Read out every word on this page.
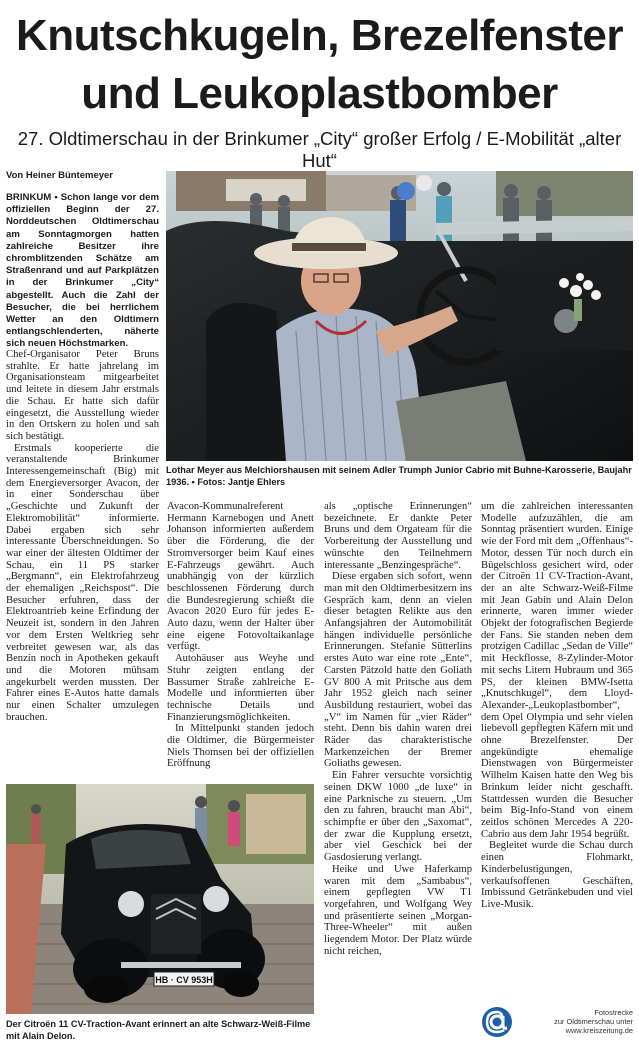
Knutschkugeln, Brezelfenster
und Leukoplastbomber
27. Oldtimerschau in der Brinkumer „City“ großer Erfolg / E-Mobilität „alter Hut“
Von Heiner Büntemeyer
BRINKUM • Schon lange vor dem offiziellen Beginn der 27. Norddeutschen Oldtimerschau am Sonntagmorgen hatten zahlreiche Besitzer ihre chromblitzenden Schätze am Straßenrand und auf Parkplätzen in der Brinkumer „City“ abgestellt. Auch die Zahl der Besucher, die bei herrlichem Wetter an den Oldtimern entlangschlenderten, näherte sich neuen Höchstmarken.
Lothar Meyer aus Melchiorshausen mit seinem Adler Trumph Junior Cabrio mit Buhne-Karosserie, Baujahr 1936. • Fotos: Jantje Ehlers

Chef-Organisator Peter Bruns strahlte. Er hatte jahrelang im Organisationsteam mitgearbeitet und leitete in diesem Jahr erstmals die Schau. Er hatte sich dafür eingesetzt, die Ausstellung wieder in den Ortskern zu holen und sah sich bestätigt.

Erstmals kooperierte die veranstaltende Brinkumer Interessengemeinschaft (Big) mit dem Energieversorger Avacon, der in einer Sonderschau über „Geschichte und Zukunft der Elektromobilität“ informierte. Dabei ergaben sich sehr interessante Überschneidungen. So war einer der ältesten Oldtimer der Schau, ein 11 PS starker „Bergmann“, ein Elektrofahrzeug der ehemaligen „Reichspost“. Die Besucher erfuhren, dass der Elektroantrieb keine Erfindung der Neuzeit ist, sondern in den Jahren vor dem Ersten Weltkrieg sehr verbreitet gewesen war, als das Benzin noch in Apotheken gekauft und die Motoren mühsam angekurbelt werden mussten. Der Fahrer eines E-Autos hatte damals nur einen Schalter umzulegen brauchen.

Avacon-Kommunalreferent Hermann Karnebogen und Anett Johanson informierten außerdem über die Förderung, die der Stromversorger beim Kauf eines E-Fahrzeugs gewährt. Auch unabhängig von der kürzlich beschlossenen Förderung durch die Bundesregierung schießt die Avacon 2020 Euro für jedes E-Auto dazu, wenn der Halter über eine eigene Fotovoltaikanlage verfügt.

Autohäuser aus Weyhe und Stuhr zeigten entlang der Bassumer Straße zahlreiche E-Modelle und informierten über technische Details und Finanzierungsmöglichkeiten.

In Mittelpunkt standen jedoch die Oldtimer, die Bürgermeister Niels Thomsen bei der offiziellen Eröffnung

als „optische Erinnerungen“ bezeichnete. Er dankte Peter Bruns und dem Orgateam für die Vorbereitung der Ausstellung und wünschte den Teilnehmern interessante „Benzingespräche“.

Diese ergaben sich sofort, wenn man mit den Oldtimerbesitzern ins Gespräch kam, denn an vielen dieser betagten Relikte aus den Anfangsjahren der Automobilität hängen individuelle persönliche Erinnerungen. Stefanie Sütterlins erstes Auto war eine rote „Ente“, Carsten Pätzold hatte den Goliath GV 800 A mit Pritsche aus dem Jahr 1952 gleich nach seiner Ausbildung restauriert, wobei das „V“ im Namen für „vier Räder“ steht. Denn bis dahin waren drei Räder das charakteristische Markenzeichen der Bremer Goliaths gewesen.

Ein Fahrer versuchte vorsichtig seinen DKW 1000 „de luxe“ in eine Parknische zu steuern. „Um den zu fahren, braucht man Abi“, schimpfte er über den „Saxomat“, der zwar die Kupplung ersetzt, aber viel Geschick bei der Gasdosierung verlangt.

Heike und Uwe Haferkamp waren mit dem „Sambabus“, einem gepflegten VW T1 vorgefahren, und Wolfgang Wey und präsentierte seinen „Morgan-Three-Wheeler“ mit außen liegendem Motor. Der Platz würde nicht reichen,

um die zahlreichen interessanten Modelle aufzuzählen, die am Sonntag präsentiert wurden. Einige wie der Ford mit dem „Offenhaus“-Motor, dessen Tür noch durch ein Bügelschloss gesichert wird, oder der Citroën 11 CV-Traction-Avant, der an alte Schwarz-Weiß-Filme mit Jean Gabin und Alain Delon erinnerte, waren immer wieder Objekt der fotografischen Begierde der Fans. Sie standen neben dem protzigen Cadillac „Sedan de Ville“ mit Heckflosse, 8-Zylinder-Motor mit sechs Litern Hubraum und 365 PS, der kleinen BMW-Isetta „Knutschkugel“, dem Lloyd-Alexander-„Leukoplastbomber“, dem Opel Olympia und sehr vielen liebevoll gepflegten Käfern mit und ohne Brezelfenster. Der angekündigte ehemalige Dienstwagen von Bürgermeister Wilhelm Kaisen hatte den Weg bis Brinkum leider nicht geschafft. Stattdessen wurden die Besucher beim Big-Info-Stand von einem zeitlos schönen Mercedes A 220-Cabrio aus dem Jahr 1954 begrüßt.

Begleitet wurde die Schau durch einen Flohmarkt, Kinderbelustigungen, verkaufsoffenen Geschäften, Imbissund Getränkebuden und viel Live-Musik.

HB · CV 953H
Der Citroën 11 CV-Traction-Avant erinnert an alte Schwarz-Weiß-Filme mit Alain Delon.
Fotostrecke
zur Oldtimerschau unter
www.kreiszeitung.de
